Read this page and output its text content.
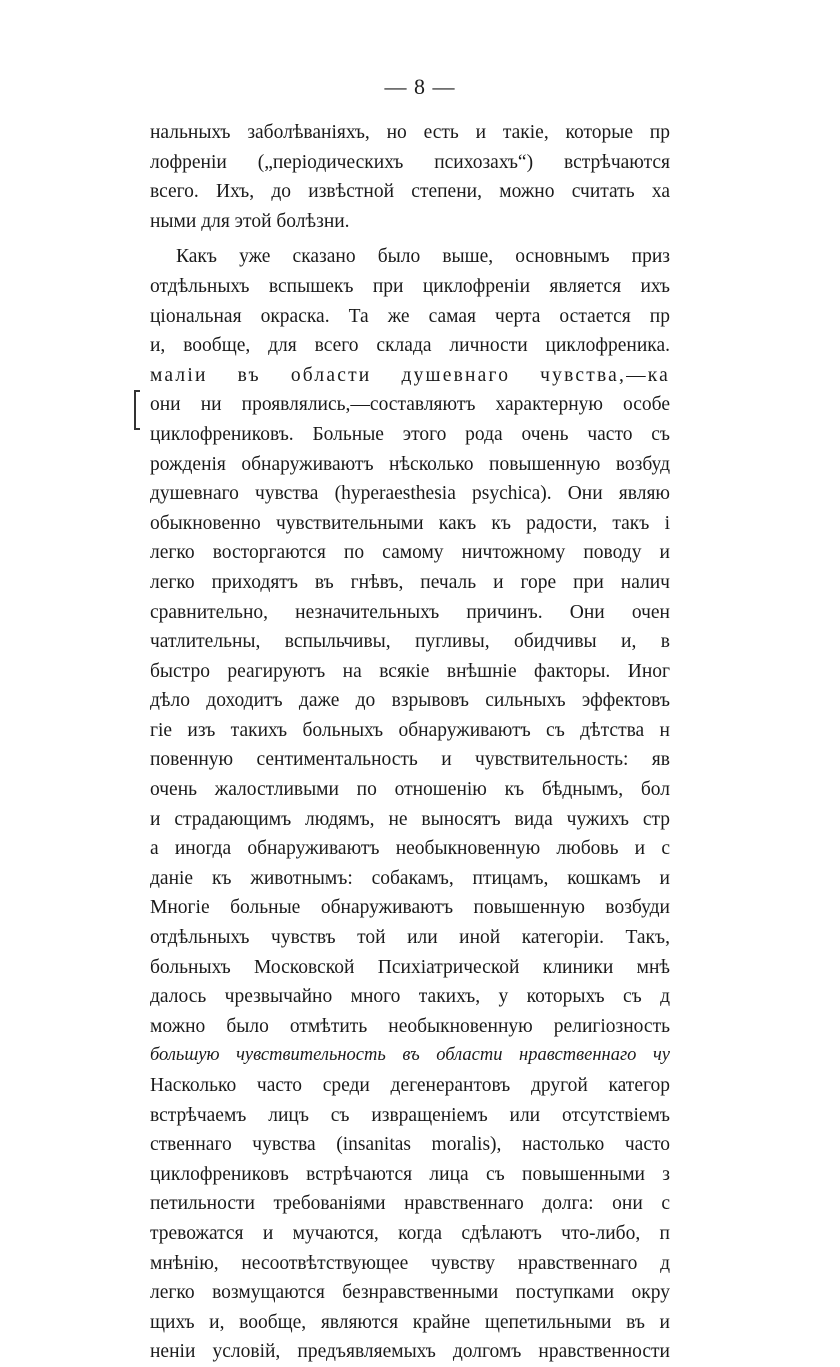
— 8 —
нальныхъ заболѣваніяхъ, но есть и такіе, которые пр
лофреніи („періодическихъ психозахъ“) встрѣчаются
всего. Ихъ, до извѣстной степени, можно считать ха
ными для этой болѣзни.
Какъ уже сказано было выше, основнымъ приз
отдѣльныхъ вспышекъ при циклофреніи является ихъ
ціональная окраска. Та же самая черта остается пр
и, вообще, для всего склада личности циклофреника.
маліи въ области душевнаго чувства,—ка
они ни проявлялись,—составляютъ характерную особе
циклофрениковъ. Больные этого рода очень часто съ
рожденія обнаруживаютъ нѣсколько повышенную возбуд
душевнаго чувства (hyperaesthesia psychica). Они являю
обыкновенно чувствительными какъ къ радости, такъ і
легко восторгаются по самому ничтожному поводу и
легко приходятъ въ гнѣвъ, печаль и горе при налич
сравнительно, незначительныхъ причинъ. Они очен
чатлительны, вспыльчивы, пугливы, обидчивы и, в
быстро реагируютъ на всякіе внѣшніе факторы. Иног
дѣло доходитъ даже до взрывовъ сильныхъ эффектовъ
гіе изъ такихъ больныхъ обнаруживаютъ съ дѣтства н
повенную сентиментальность и чувствительность: яв
очень жалостливыми по отношенію къ бѣднымъ, бол
и страдающимъ людямъ, не выносятъ вида чужихъ стр
а иногда обнаруживаютъ необыкновенную любовь и с
даніе къ животнымъ: собакамъ, птицамъ, кошкамъ и
Многіе больные обнаруживаютъ повышенную возбуди
отдѣльныхъ чувствъ той или иной категоріи. Такъ,
больныхъ Московской Психіатрической клиники мнѣ
далось чрезвычайно много такихъ, у которыхъ съ д
можно было отмѣтить необыкновенную религіозность
большую чувствительность въ области нравственнаго чу
Насколько часто среди дегенерантовъ другой категор
встрѣчаемъ лицъ съ извращеніемъ или отсутствіемъ
ственнаго чувства (insanitas moralis), настолько часто
циклофрениковъ встрѣчаются лица съ повышенными з
петильности требованіями нравственнаго долга: они с
тревожатся и мучаются, когда сдѣлаютъ что-либо, п
мнѣнію, несоотвѣтствующее чувству нравственнаго д
легко возмущаются безнравственными поступками окру
щихъ и, вообще, являются крайне щепетильными въ и
неніи условій, предъявляемыхъ долгомъ нравственности
